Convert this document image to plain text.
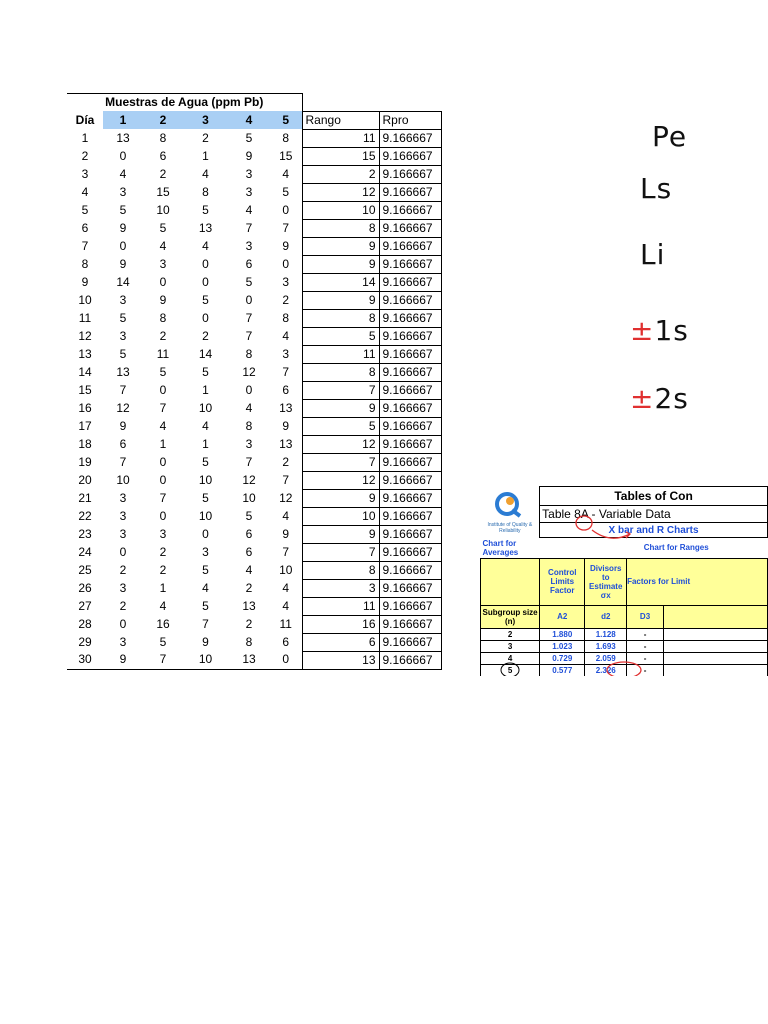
Muestras de Agua (ppm Pb)							
Día	1	2	3	4	5	Rango	Rpro
1	13	8	2	5	8	11	9.166667
2	0	6	1	9	15	15	9.166667
3	4	2	4	3	4	2	9.166667
4	3	15	8	3	5	12	9.166667
5	5	10	5	4	0	10	9.166667
6	9	5	13	7	7	8	9.166667
7	0	4	4	3	9	9	9.166667
8	9	3	0	6	0	9	9.166667
9	14	0	0	5	3	14	9.166667
10	3	9	5	0	2	9	9.166667
11	5	8	0	7	8	8	9.166667
12	3	2	2	7	4	5	9.166667
13	5	11	14	8	3	11	9.166667
14	13	5	5	12	7	8	9.166667
15	7	0	1	0	6	7	9.166667
16	12	7	10	4	13	9	9.166667
17	9	4	4	8	9	5	9.166667
18	6	1	1	3	13	12	9.166667
19	7	0	5	7	2	7	9.166667
20	10	0	10	12	7	12	9.166667
21	3	7	5	10	12	9	9.166667
22	3	0	10	5	4	10	9.166667
23	3	3	0	6	9	9	9.166667
24	0	2	3	6	7	7	9.166667
25	2	2	5	4	10	8	9.166667
26	3	1	4	2	4	3	9.166667
27	2	4	5	13	4	11	9.166667
28	0	16	7	2	11	16	9.166667
29	3	5	9	8	6	6	9.166667
30	9	7	10	13	0	13	9.166667
Pe
Ls
Li
±1s
±2s
Institute of Quality & Reliability	Tables of Con			
	Table 8A - Variable Data			
	X bar and R Charts			
Chart for Averages		Chart for Ranges		
	Control Limits Factor	Divisors to Estimate σx	Factors for Limit	
Subgroup size (n)	A2	d2	D3	
2	1.880	1.128	-	
3	1.023	1.693	-	
4	0.729	2.059	-	
5	0.577	2.326	-	
